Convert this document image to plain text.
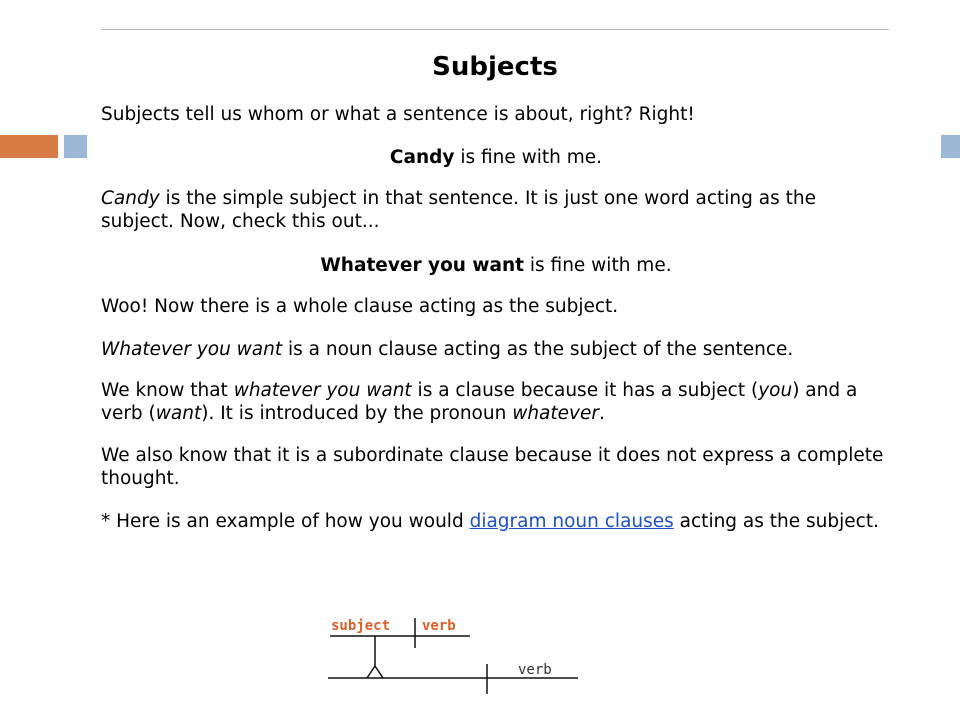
Subjects

Subjects tell us whom or what a sentence is about, right? Right!

Candy is fine with me.

Candy is the simple subject in that sentence. It is just one word acting as the subject. Now, check this out...

Whatever you want is fine with me.

Woo! Now there is a whole clause acting as the subject.

Whatever you want is a noun clause acting as the subject of the sentence.

We know that whatever you want is a clause because it has a subject (you) and a verb (want). It is introduced by the pronoun whatever.

We also know that it is a subordinate clause because it does not express a complete thought.

* Here is an example of how you would diagram noun clauses acting as the subject.

subject verb
verb
